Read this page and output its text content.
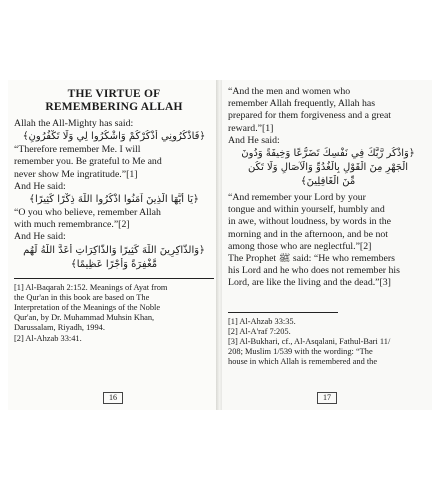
THE VIRTUE OF
REMEMBERING ALLAH
Allah the All-Mighty has said:
﴿فَاذْكُرُونِي أَذْكُرْكُمْ وَاشْكُرُوا لِي وَلَا تَكْفُرُونِ﴾
“Therefore remember Me. I will
remember you. Be grateful to Me and
never show Me ingratitude.”[1]
And He said:
﴿يَا أَيُّهَا الَّذِينَ آمَنُوا اذْكُرُوا اللَّهَ ذِكْرًا كَثِيرًا﴾
“O you who believe, remember Allah
with much remembrance.”[2]
And He said:
﴿وَالذَّاكِرِينَ اللَّهَ كَثِيرًا وَالذَّاكِرَاتِ أَعَدَّ اللَّهُ لَهُم
مَّغْفِرَةً وَأَجْرًا عَظِيمًا﴾
[1] Al-Baqarah 2:152. Meanings of Ayat from
the Qur'an in this book are based on The
Interpretation of the Meanings of the Noble
Qur'an, by Dr. Muhammad Muhsin Khan,
Darussalam, Riyadh, 1994.
[2] Al-Ahzab 33:41.
16
“And the men and women who
remember Allah frequently, Allah has
prepared for them forgiveness and a great
reward.”[1]
And He said:
﴿وَاذْكُر رَّبَّكَ فِي نَفْسِكَ تَضَرُّعًا وَخِيفَةً وَدُونَ
الْجَهْرِ مِنَ الْقَوْلِ بِالْغُدُوِّ وَالْآصَالِ وَلَا تَكُن
مِّنَ الْغَافِلِينَ﴾
“And remember your Lord by your
tongue and within yourself, humbly and
in awe, without loudness, by words in the
morning and in the afternoon, and be not
among those who are neglectful.”[2]
The Prophet ﷺ said: “He who remembers
his Lord and he who does not remember his
Lord, are like the living and the dead.”[3]
[1] Al-Ahzab 33:35.
[2] Al-A'raf 7:205.
[3] Al-Bukhari, cf., Al-Asqalani, Fathul-Bari 11/
208; Muslim 1/539 with the wording: “The
house in which Allah is remembered and the
17
